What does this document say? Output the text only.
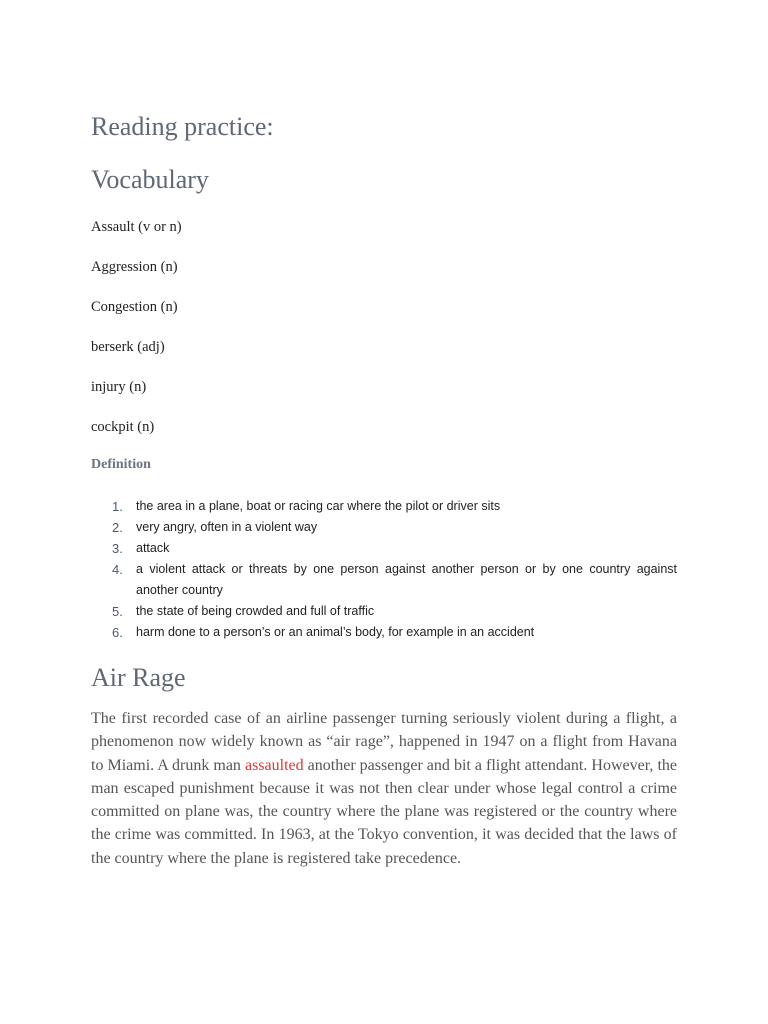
Reading practice:
Vocabulary
Assault (v or n)
Aggression (n)
Congestion (n)
berserk (adj)
injury (n)
cockpit (n)
Definition
1. the area in a plane, boat or racing car where the pilot or driver sits
2. very angry, often in a violent way
3. attack
4. a violent attack or threats by one person against another person or by one country against another country
5. the state of being crowded and full of traffic
6. harm done to a person’s or an animal’s body, for example in an accident
Air Rage

The first recorded case of an airline passenger turning seriously violent during a flight, a phenomenon now widely known as “air rage”, happened in 1947 on a flight from Havana to Miami. A drunk man assaulted another passenger and bit a flight attendant. However, the man escaped punishment because it was not then clear under whose legal control a crime committed on plane was, the country where the plane was registered or the country where the crime was committed. In 1963, at the Tokyo convention, it was decided that the laws of the country where the plane is registered take precedence.
